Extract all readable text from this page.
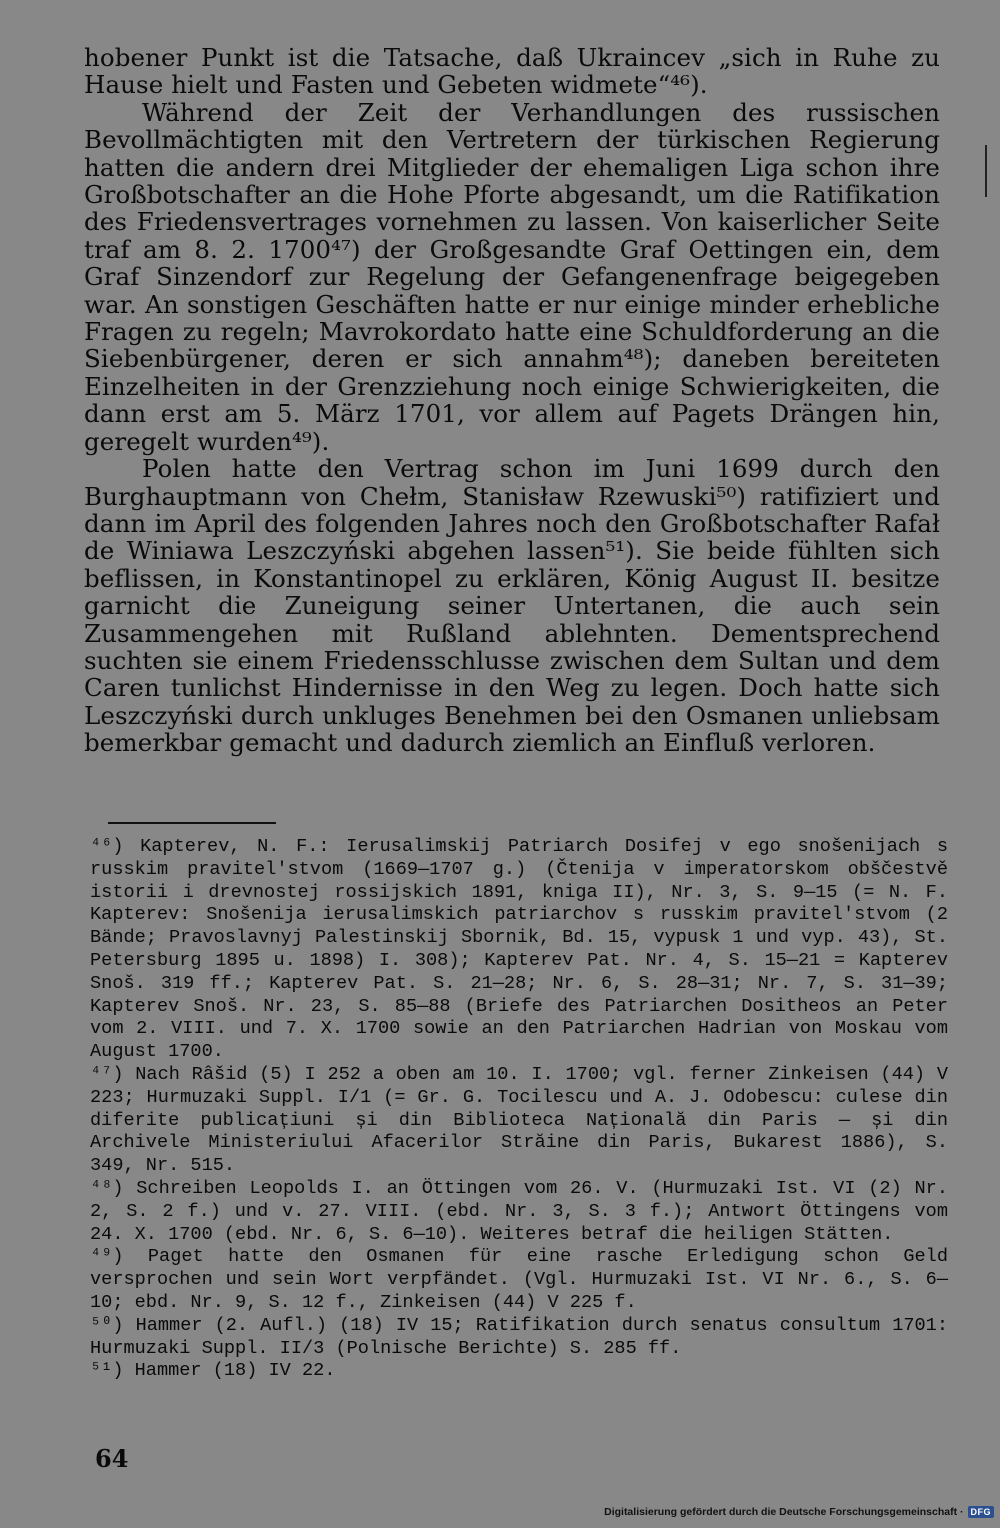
hobener Punkt ist die Tatsache, daß Ukraincev „sich in Ruhe zu Hause hielt und Fasten und Gebeten widmete“⁴⁶).

Während der Zeit der Verhandlungen des russischen Bevollmächtigten mit den Vertretern der türkischen Regierung hatten die andern drei Mitglieder der ehemaligen Liga schon ihre Großbotschafter an die Hohe Pforte abgesandt, um die Ratifikation des Friedensvertrages vornehmen zu lassen. Von kaiserlicher Seite traf am 8. 2. 1700⁴⁷) der Großgesandte Graf Oettingen ein, dem Graf Sinzendorf zur Regelung der Gefangenenfrage beigegeben war. An sonstigen Geschäften hatte er nur einige minder erhebliche Fragen zu regeln; Mavrokordato hatte eine Schuldforderung an die Siebenbürgener, deren er sich annahm⁴⁸); daneben bereiteten Einzelheiten in der Grenzziehung noch einige Schwierigkeiten, die dann erst am 5. März 1701, vor allem auf Pagets Drängen hin, geregelt wurden⁴⁹).

Polen hatte den Vertrag schon im Juni 1699 durch den Burghauptmann von Chełm, Stanisław Rzewuski⁵⁰) ratifiziert und dann im April des folgenden Jahres noch den Großbotschafter Rafał de Winiawa Leszczyński abgehen lassen⁵¹). Sie beide fühlten sich beflissen, in Konstantinopel zu erklären, König August II. besitze garnicht die Zuneigung seiner Untertanen, die auch sein Zusammengehen mit Rußland ablehnten. Dementsprechend suchten sie einem Friedensschlusse zwischen dem Sultan und dem Caren tunlichst Hindernisse in den Weg zu legen. Doch hatte sich Leszczyński durch unkluges Benehmen bei den Osmanen unliebsam bemerkbar gemacht und dadurch ziemlich an Einfluß verloren.

⁴⁶) Kapterev, N. F.: Ierusalimskij Patriarch Dosifej v ego snošenijach s russkim pravitel'stvom (1669—1707 g.) (Čtenija v imperatorskom obščestvě istorii i drevnostej rossijskich 1891, kniga II), Nr. 3, S. 9—15 (= N. F. Kapterev: Snošenija ierusalimskich patriarchov s russkim pravitel'stvom (2 Bände; Pravoslavnyj Palestinskij Sbornik, Bd. 15, vypusk 1 und vyp. 43), St. Petersburg 1895 u. 1898) I. 308); Kapterev Pat. Nr. 4, S. 15—21 = Kapterev Snoš. 319 ff.; Kapterev Pat. S. 21—28; Nr. 6, S. 28—31; Nr. 7, S. 31—39; Kapterev Snoš. Nr. 23, S. 85—88 (Briefe des Patriarchen Dositheos an Peter vom 2. VIII. und 7. X. 1700 sowie an den Patriarchen Hadrian von Moskau vom August 1700.

⁴⁷) Nach Râšid (5) I 252 a oben am 10. I. 1700; vgl. ferner Zinkeisen (44) V 223; Hurmuzaki Suppl. I/1 (= Gr. G. Tocilescu und A. J. Odobescu: culese din diferite publicațiuni și din Biblioteca Națională din Paris — și din Archivele Ministeriului Afacerilor Străine din Paris, Bukarest 1886), S. 349, Nr. 515.

⁴⁸) Schreiben Leopolds I. an Öttingen vom 26. V. (Hurmuzaki Ist. VI (2) Nr. 2, S. 2 f.) und v. 27. VIII. (ebd. Nr. 3, S. 3 f.); Antwort Öttingens vom 24. X. 1700 (ebd. Nr. 6, S. 6—10). Weiteres betraf die heiligen Stätten.

⁴⁹) Paget hatte den Osmanen für eine rasche Erledigung schon Geld versprochen und sein Wort verpfändet. (Vgl. Hurmuzaki Ist. VI Nr. 6., S. 6—10; ebd. Nr. 9, S. 12 f., Zinkeisen (44) V 225 f.

⁵⁰) Hammer (2. Aufl.) (18) IV 15; Ratifikation durch senatus consultum 1701: Hurmuzaki Suppl. II/3 (Polnische Berichte) S. 285 ff.

⁵¹) Hammer (18) IV 22.

64
Digitalisierung gefördert durch die Deutsche Forschungsgemeinschaft · DFG
